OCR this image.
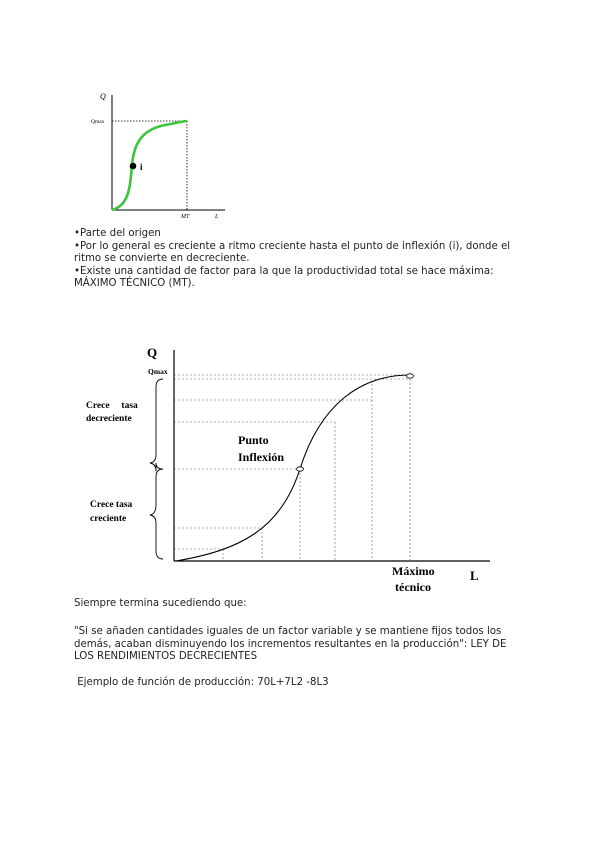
Q
Qmax
i
MT	L
•Parte del origen
•Por lo general es creciente a ritmo creciente hasta el punto de inflexión (i), donde el ritmo se convierte en decreciente.
•Existe una cantidad de factor para la que la productividad total se hace máxima: MÁXIMO TÉCNICO (MT).
Q
L
Qmax
Crece     tasa
decreciente
Crece tasa
creciente
Punto
Inflexión
Máximo
técnico
Siempre termina sucediendo que:
"Si se añaden cantidades iguales de un factor variable y se mantiene fijos todos los demás, acaban disminuyendo los incrementos resultantes en la producción": LEY DE LOS RENDIMIENTOS DECRECIENTES
Ejemplo de función de producción: 70L+7L2 -8L3
